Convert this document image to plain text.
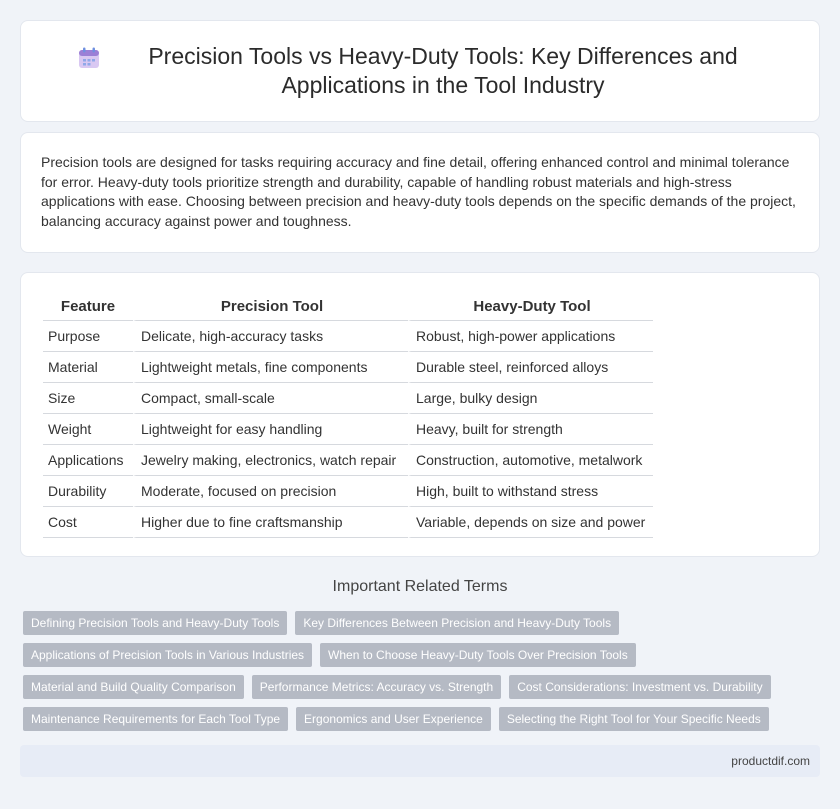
Precision Tools vs Heavy-Duty Tools: Key Differences and Applications in the Tool Industry

Precision tools are designed for tasks requiring accuracy and fine detail, offering enhanced control and minimal tolerance for error. Heavy-duty tools prioritize strength and durability, capable of handling robust materials and high-stress applications with ease. Choosing between precision and heavy-duty tools depends on the specific demands of the project, balancing accuracy against power and toughness.

Feature	Precision Tool	Heavy-Duty Tool
Purpose	Delicate, high-accuracy tasks	Robust, high-power applications
Material	Lightweight metals, fine components	Durable steel, reinforced alloys
Size	Compact, small-scale	Large, bulky design
Weight	Lightweight for easy handling	Heavy, built for strength
Applications	Jewelry making, electronics, watch repair	Construction, automotive, metalwork
Durability	Moderate, focused on precision	High, built to withstand stress
Cost	Higher due to fine craftsmanship	Variable, depends on size and power
Important Related Terms
Defining Precision Tools and Heavy-Duty Tools	Key Differences Between Precision and Heavy-Duty Tools
Applications of Precision Tools in Various Industries	When to Choose Heavy-Duty Tools Over Precision Tools
Material and Build Quality Comparison	Performance Metrics: Accuracy vs. Strength	Cost Considerations: Investment vs. Durability
Maintenance Requirements for Each Tool Type	Ergonomics and User Experience	Selecting the Right Tool for Your Specific Needs
productdif.com
